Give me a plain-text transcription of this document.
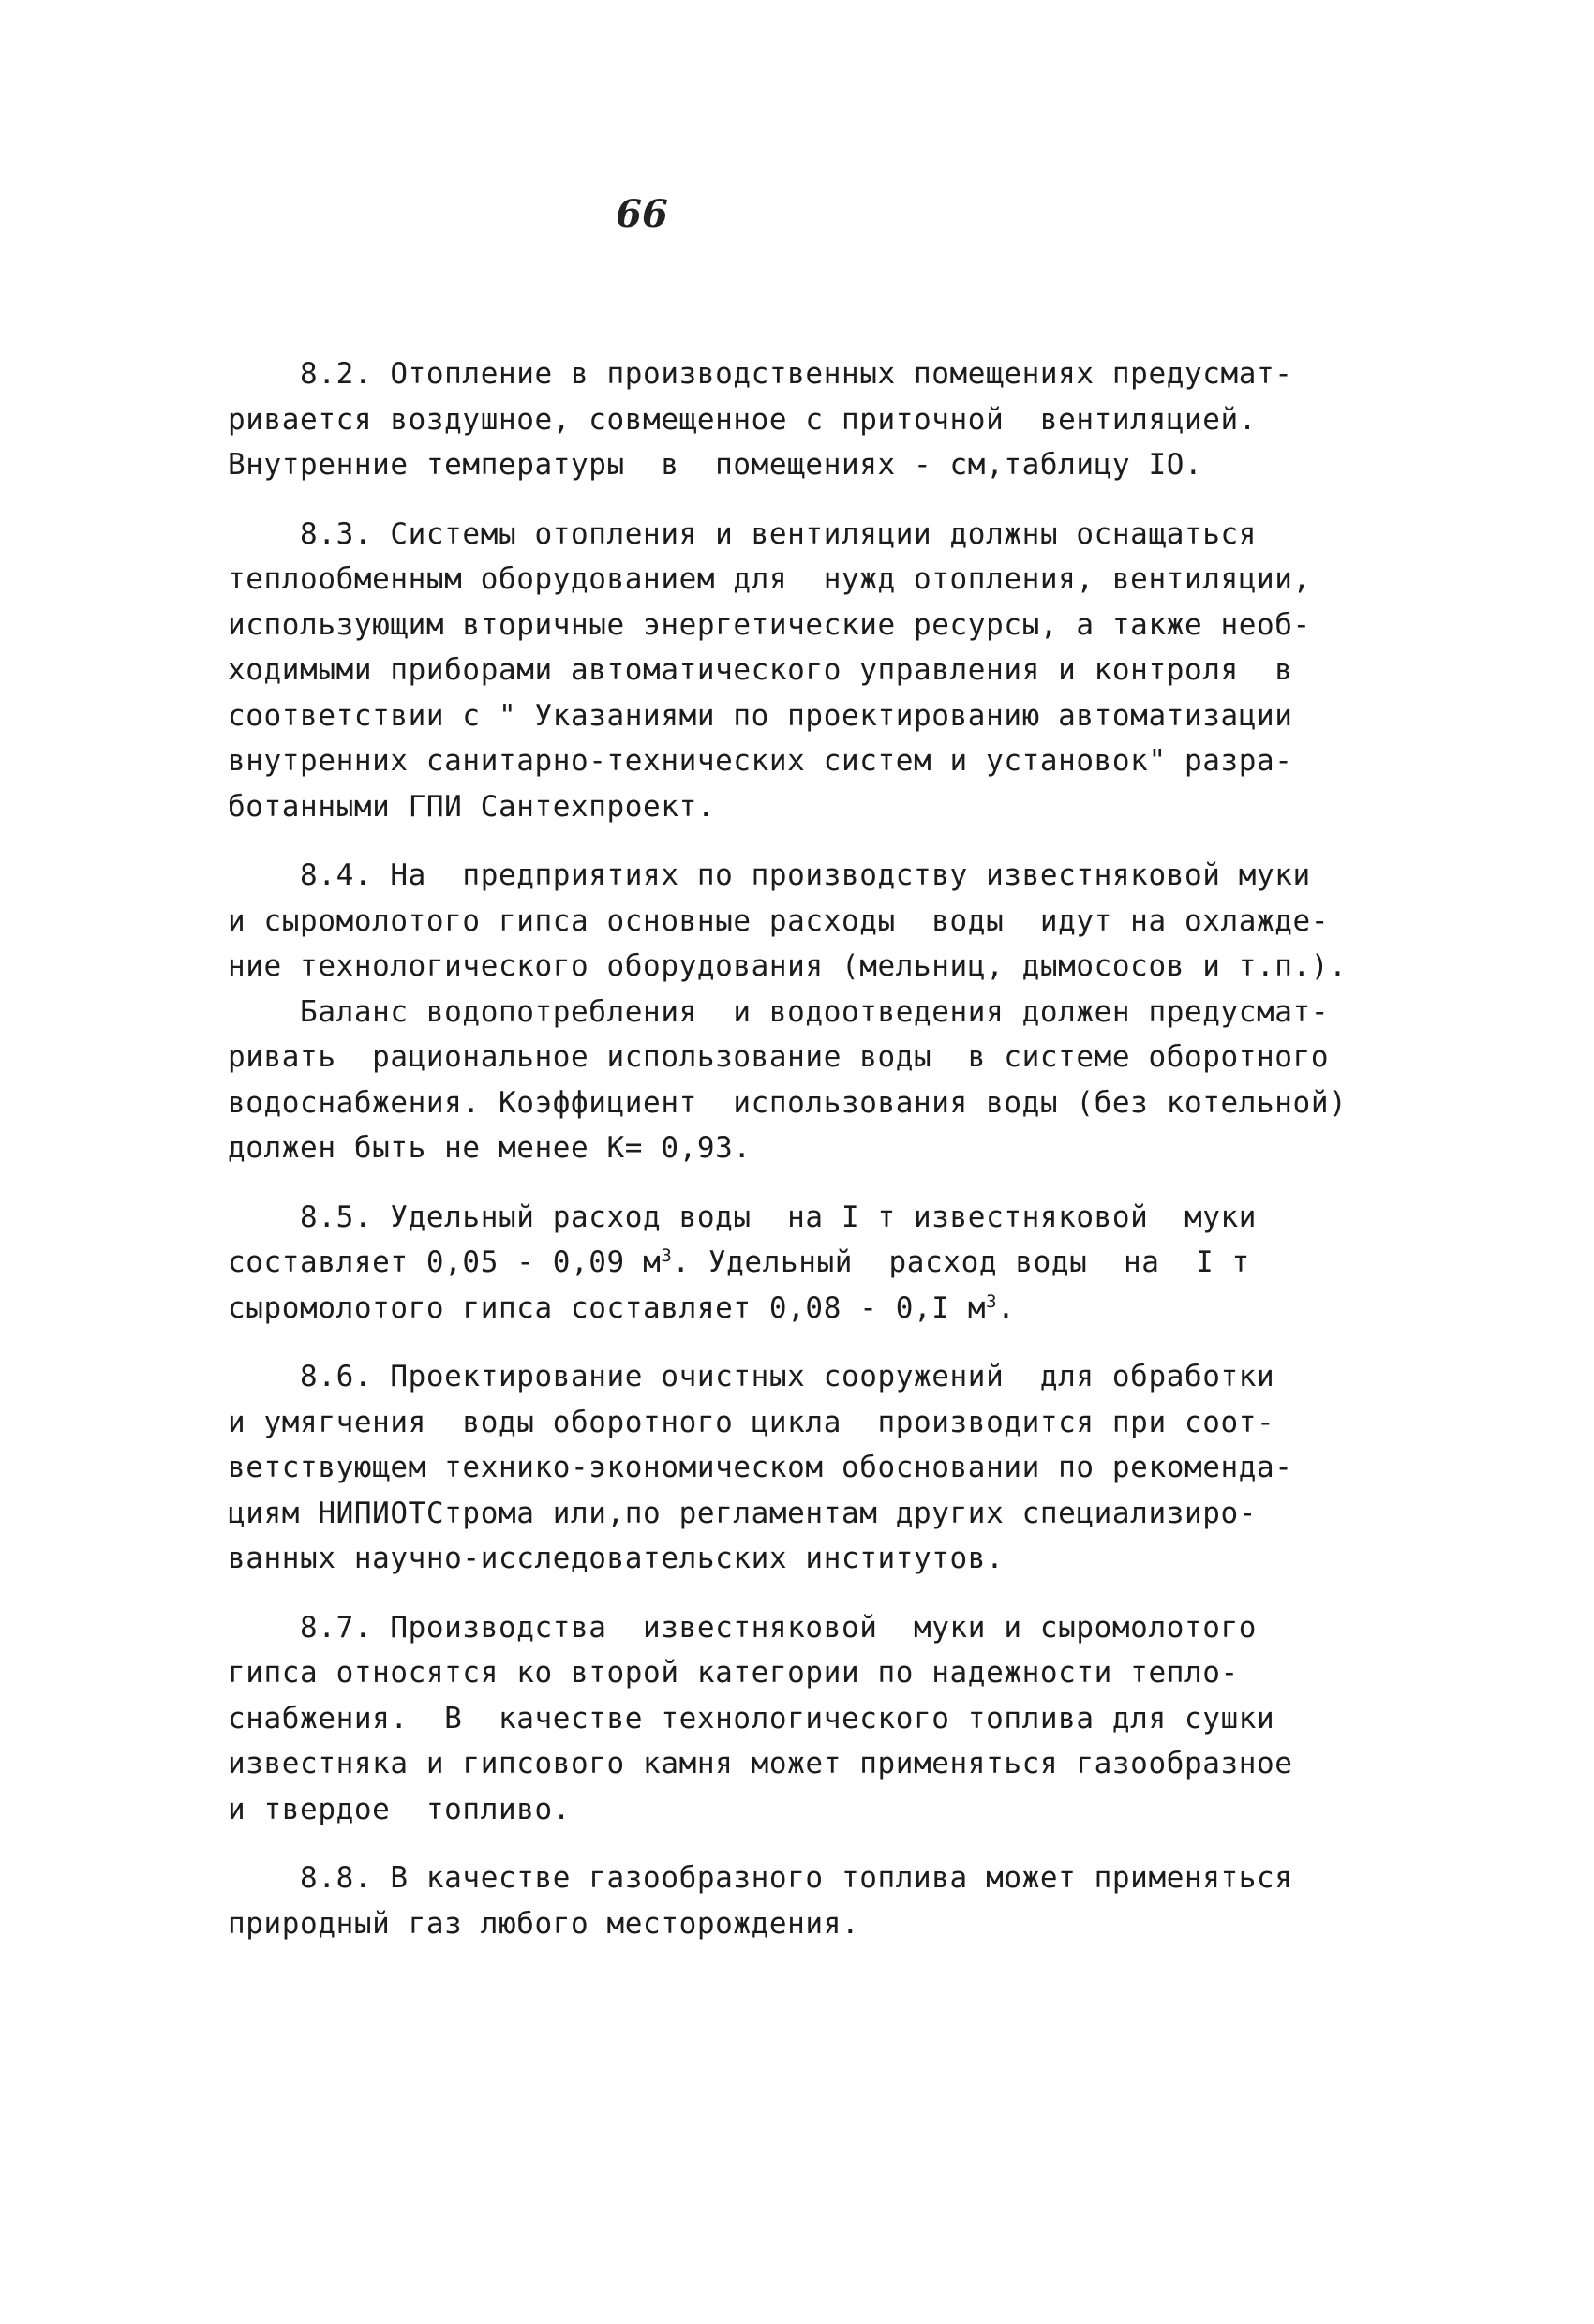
66
8.2. Отопление в производственных помещениях предусмат-
ривается воздушное, совмещенное с приточной  вентиляцией.
Внутренние температуры  в  помещениях - см,таблицу IO.
8.3. Системы отопления и вентиляции должны оснащаться
теплообменным оборудованием для  нужд отопления, вентиляции,
использующим вторичные энергетические ресурсы, а также необ-
ходимыми приборами автоматического управления и контроля  в
соответствии с " Указаниями по проектированию автоматизации
внутренних санитарно-технических систем и установок" разра-
ботанными ГПИ Сантехпроект.
8.4. На  предприятиях по производству известняковой муки
и сыромолотого гипса основные расходы  воды  идут на охлажде-
ние технологического оборудования (мельниц, дымососов и т.п.).
Баланс водопотребления  и водоотведения должен предусмат-
ривать  рациональное использование воды  в системе оборотного
водоснабжения. Коэффициент  использования воды (без котельной)
должен быть не менее К= 0,93.
8.5. Удельный расход воды  на I т известняковой  муки
составляет 0,05 - 0,09 $м^3$. Удельный  расход воды  на  I т
сыромолотого гипса составляет 0,08 - 0,I $м^3$.
8.6. Проектирование очистных сооружений  для обработки
и умягчения  воды оборотного цикла  производится при соот-
ветствующем технико-экономическом обосновании по рекоменда-
циям НИПИОТСтрома или,по регламентам других специализиро-
ванных научно-исследовательских институтов.
8.7. Производства  известняковой  муки и сыромолотого
гипса относятся ко второй категории по надежности тепло-
снабжения.  В  качестве технологического топлива для сушки
известняка и гипсового камня может применяться газообразное
и твердое  топливо.
8.8. В качестве газообразного топлива может применяться
природный газ любого месторождения.
